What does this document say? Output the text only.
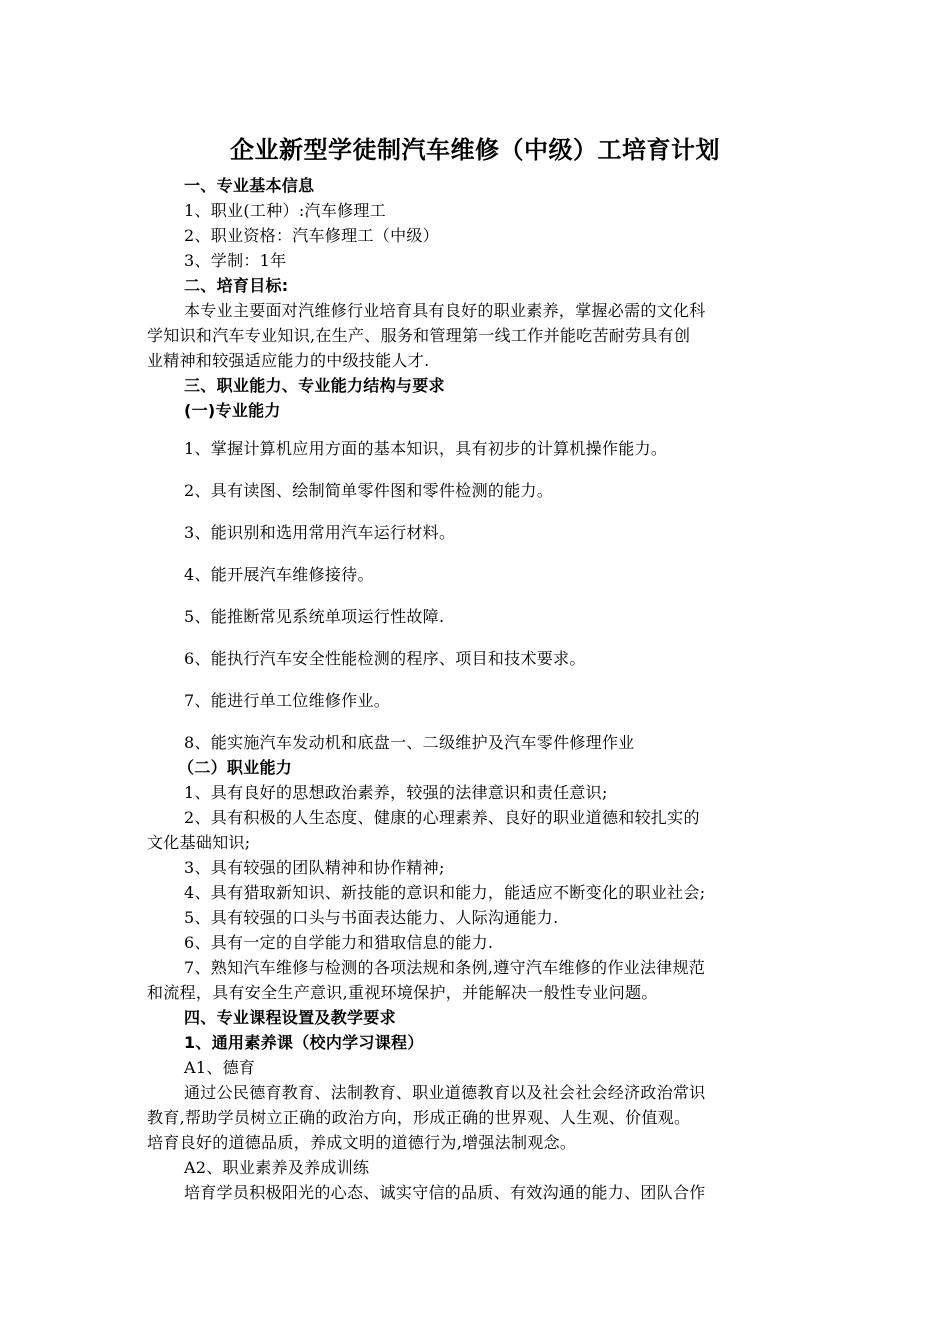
企业新型学徒制汽车维修（中级）工培育计划
一、专业基本信息
1、职业(工种）:汽车修理工
2、职业资格：汽车修理工（中级）
3、学制：1年
二、培育目标:
本专业主要面对汽维修行业培育具有良好的职业素养，掌握必需的文化科
学知识和汽车专业知识,在生产、服务和管理第一线工作并能吃苦耐劳具有创
业精神和较强适应能力的中级技能人才.
三、职业能力、专业能力结构与要求
(一)专业能力
1、掌握计算机应用方面的基本知识，具有初步的计算机操作能力。
2、具有读图、绘制简单零件图和零件检测的能力。
3、能识别和选用常用汽车运行材料。
4、能开展汽车维修接待。
5、能推断常见系统单项运行性故障.
6、能执行汽车安全性能检测的程序、项目和技术要求。
7、能进行单工位维修作业。
8、能实施汽车发动机和底盘一、二级维护及汽车零件修理作业
（二）职业能力
1、具有良好的思想政治素养，较强的法律意识和责任意识;
2、具有积极的人生态度、健康的心理素养、良好的职业道德和较扎实的
文化基础知识;
3、具有较强的团队精神和协作精神;
4、具有猎取新知识、新技能的意识和能力，能适应不断变化的职业社会;
5、具有较强的口头与书面表达能力、人际沟通能力.
6、具有一定的自学能力和猎取信息的能力.
7、熟知汽车维修与检测的各项法规和条例,遵守汽车维修的作业法律规范
和流程，具有安全生产意识,重视环境保护，并能解决一般性专业问题。
四、专业课程设置及教学要求
1、通用素养课（校内学习课程）
A1、德育
通过公民德育教育、法制教育、职业道德教育以及社会社会经济政治常识
教育,帮助学员树立正确的政治方向，形成正确的世界观、人生观、价值观。
培育良好的道德品质，养成文明的道德行为,增强法制观念。
A2、职业素养及养成训练
培育学员积极阳光的心态、诚实守信的品质、有效沟通的能力、团队合作
